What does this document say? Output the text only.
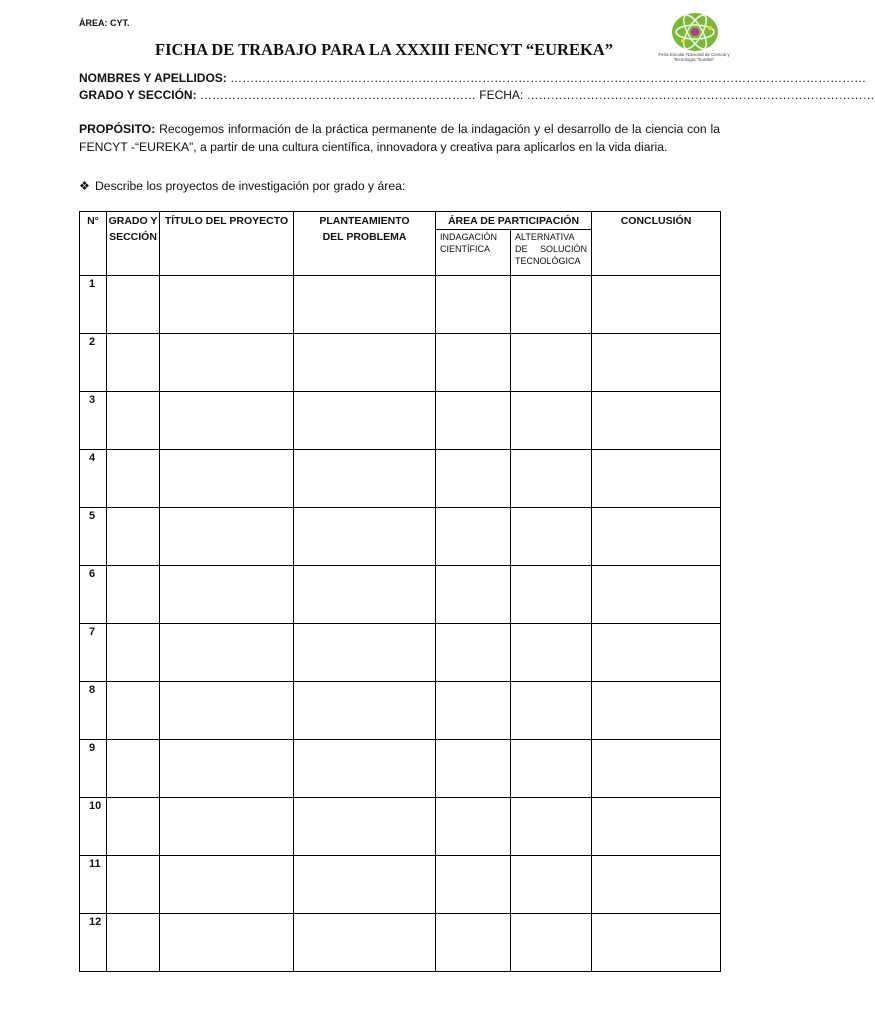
ÁREA: CYT.
FICHA DE TRABAJO PARA LA XXXIII FENCYT “EUREKA”	Feria Escolar Nacional de Ciencia y Tecnología "Eureka"
NOMBRES Y APELLIDOS: ……………………………………………………………………………………………………………………………………………
GRADO Y SECCIÓN: …………………………………………………………… FECHA: ……………………………………………………………………………
PROPÓSITO: Recogemos información de la práctica permanente de la indagación y el desarrollo de la ciencia con la FENCYT -“EUREKA”, a partir de una cultura científica, innovadora y creativa para aplicarlos en la vida diaria.
❖ Describe los proyectos de investigación por grado y área:
N°	GRADO Y SECCIÓN	TÍTULO DEL PROYECTO	PLANTEAMIENTO DEL PROBLEMA	ÁREA DE PARTICIPACIÓN		CONCLUSIÓN
				INDAGACIÓN CIENTÍFICA	ALTERNATIVA DE SOLUCIÓN TECNOLÓGICA	
1						
2						
3						
4						
5						
6						
7						
8						
9						
10						
11						
12						
